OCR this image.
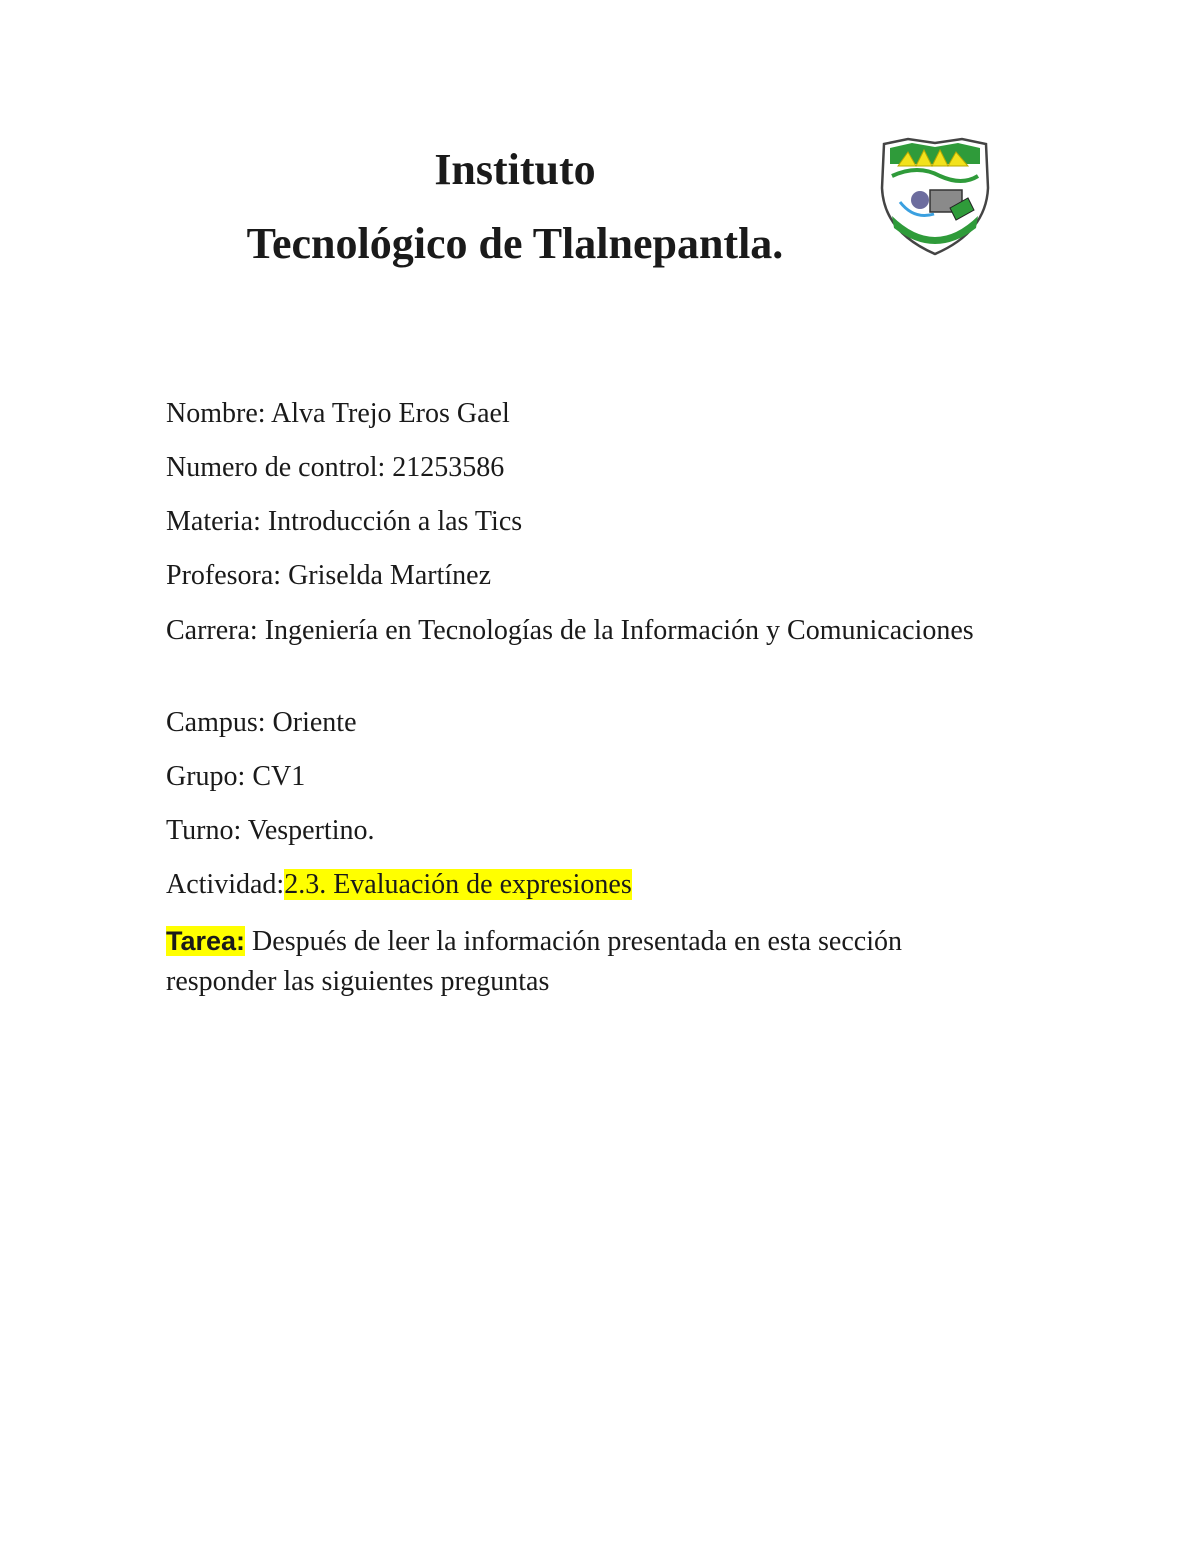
Instituto
Tecnológico de Tlalnepantla.

Nombre: Alva Trejo Eros Gael

Numero de control: 21253586

Materia: Introducción a las Tics

Profesora: Griselda Martínez

Carrera: Ingeniería en Tecnologías de la Información y Comunicaciones

Campus: Oriente

Grupo: CV1

Turno: Vespertino.

Actividad:2.3. Evaluación de expresiones

Tarea: Después de leer la información presentada en esta sección responder las siguientes preguntas
